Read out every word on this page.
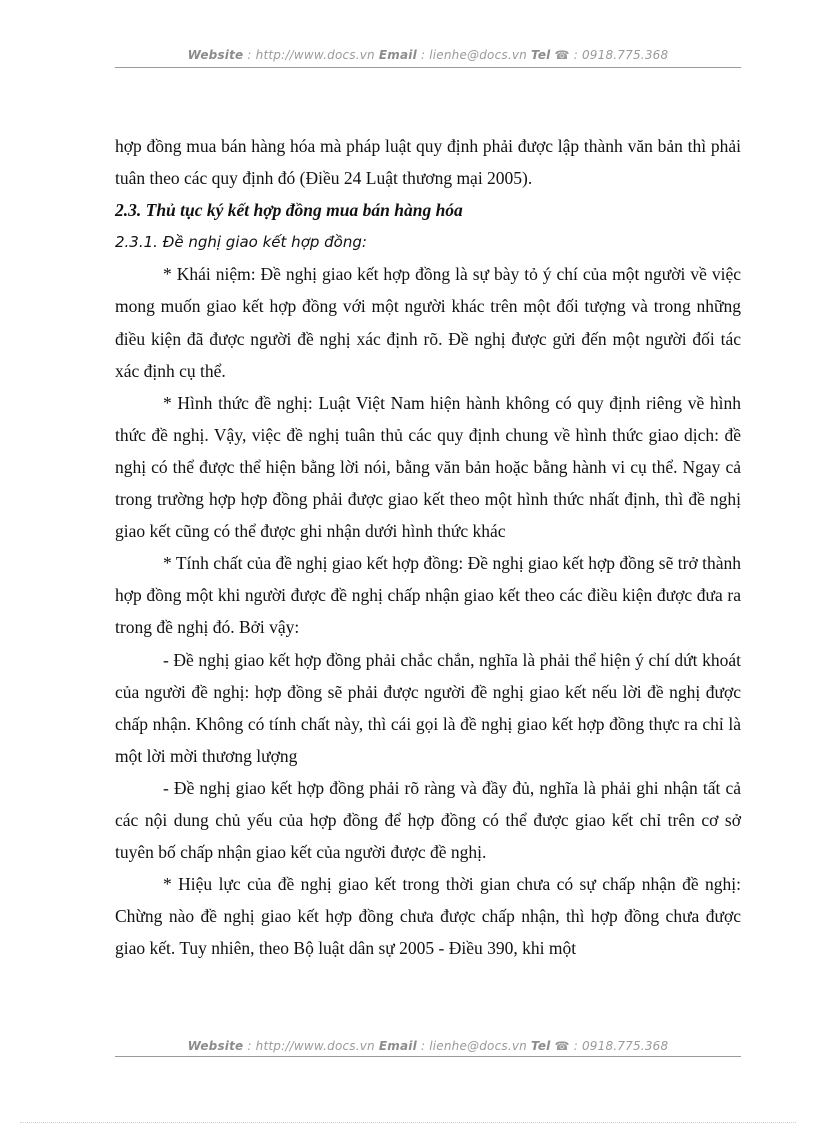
Website : http://www.docs.vn Email : lienhe@docs.vn Tel ☎ : 0918.775.368

hợp đồng mua bán hàng hóa mà pháp luật quy định phải được lập thành văn bản thì phải tuân theo các quy định đó (Điều 24 Luật thương mại 2005).

2.3. Thủ tục ký kết hợp đồng mua bán hàng hóa

2.3.1. Đề nghị giao kết hợp đồng:

* Khái niệm: Đề nghị giao kết hợp đồng là sự bày tỏ ý chí của một người về việc mong muốn giao kết hợp đồng với một người khác trên một đối tượng và trong những điều kiện đã được người đề nghị xác định rõ. Đề nghị được gửi đến một người đối tác xác định cụ thể.

* Hình thức đề nghị: Luật Việt Nam hiện hành không có quy định riêng về hình thức đề nghị. Vậy, việc đề nghị tuân thủ các quy định chung về hình thức giao dịch: đề nghị có thể được thể hiện bằng lời nói, bằng văn bản hoặc bằng hành vi cụ thể. Ngay cả trong trường hợp hợp đồng phải được giao kết theo một hình thức nhất định, thì đề nghị giao kết cũng có thể được ghi nhận dưới hình thức khác

* Tính chất của đề nghị giao kết hợp đồng: Đề nghị giao kết hợp đồng sẽ trở thành hợp đồng một khi người được đề nghị chấp nhận giao kết theo các điều kiện được đưa ra trong đề nghị đó. Bởi vậy:

- Đề nghị giao kết hợp đồng phải chắc chắn, nghĩa là phải thể hiện ý chí dứt khoát của người đề nghị: hợp đồng sẽ phải được người đề nghị giao kết nếu lời đề nghị được chấp nhận. Không có tính chất này, thì cái gọi là đề nghị giao kết hợp đồng thực ra chỉ là một lời mời thương lượng

- Đề nghị giao kết hợp đồng phải rõ ràng và đầy đủ, nghĩa là phải ghi nhận tất cả các nội dung chủ yếu của hợp đồng để hợp đồng có thể được giao kết chỉ trên cơ sở tuyên bố chấp nhận giao kết của người được đề nghị.

* Hiệu lực của đề nghị giao kết trong thời gian chưa có sự chấp nhận đề nghị: Chừng nào đề nghị giao kết hợp đồng chưa được chấp nhận, thì hợp đồng chưa được giao kết. Tuy nhiên, theo Bộ luật dân sự 2005 - Điều 390, khi một

Website : http://www.docs.vn Email : lienhe@docs.vn Tel ☎ : 0918.775.368
